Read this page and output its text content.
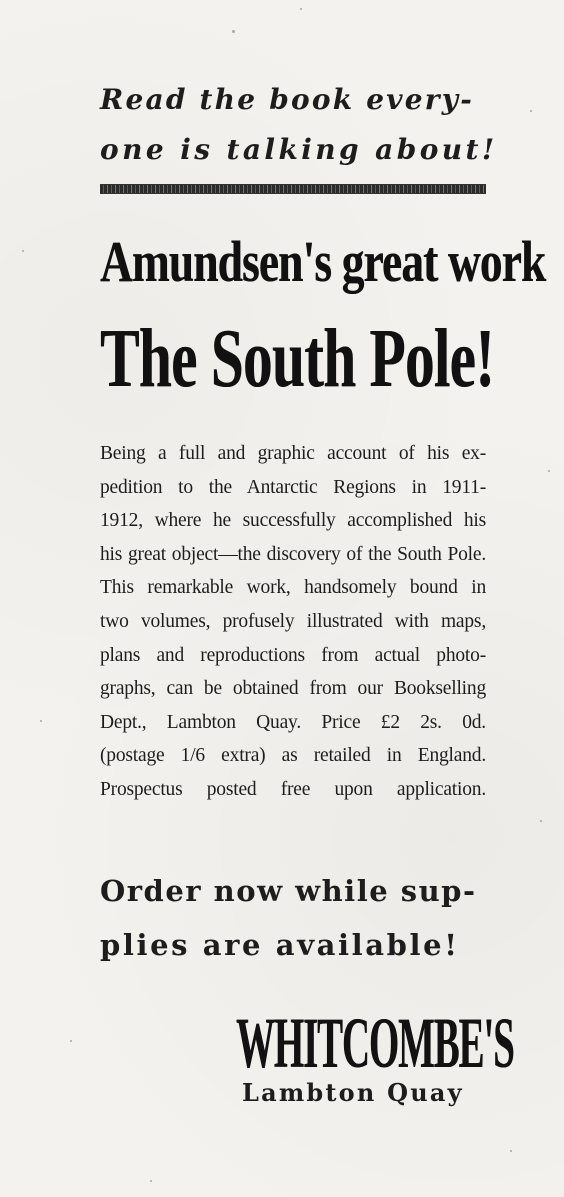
Read the book every-
one is talking about!
Amundsen's great work
The South Pole!
Being a full and graphic account of his ex-
pedition to the Antarctic Regions in 1911-
1912, where he successfully accomplished his
his great object—the discovery of the South Pole.
This remarkable work, handsomely bound in
two volumes, profusely illustrated with maps,
plans and reproductions from actual photo-
graphs, can be obtained from our Bookselling
Dept., Lambton Quay. Price £2 2s. 0d.
(postage 1/6 extra) as retailed in England.
Prospectus posted free upon application.
Order now while sup-
plies are available!
WHITCOMBE'S
Lambton Quay
